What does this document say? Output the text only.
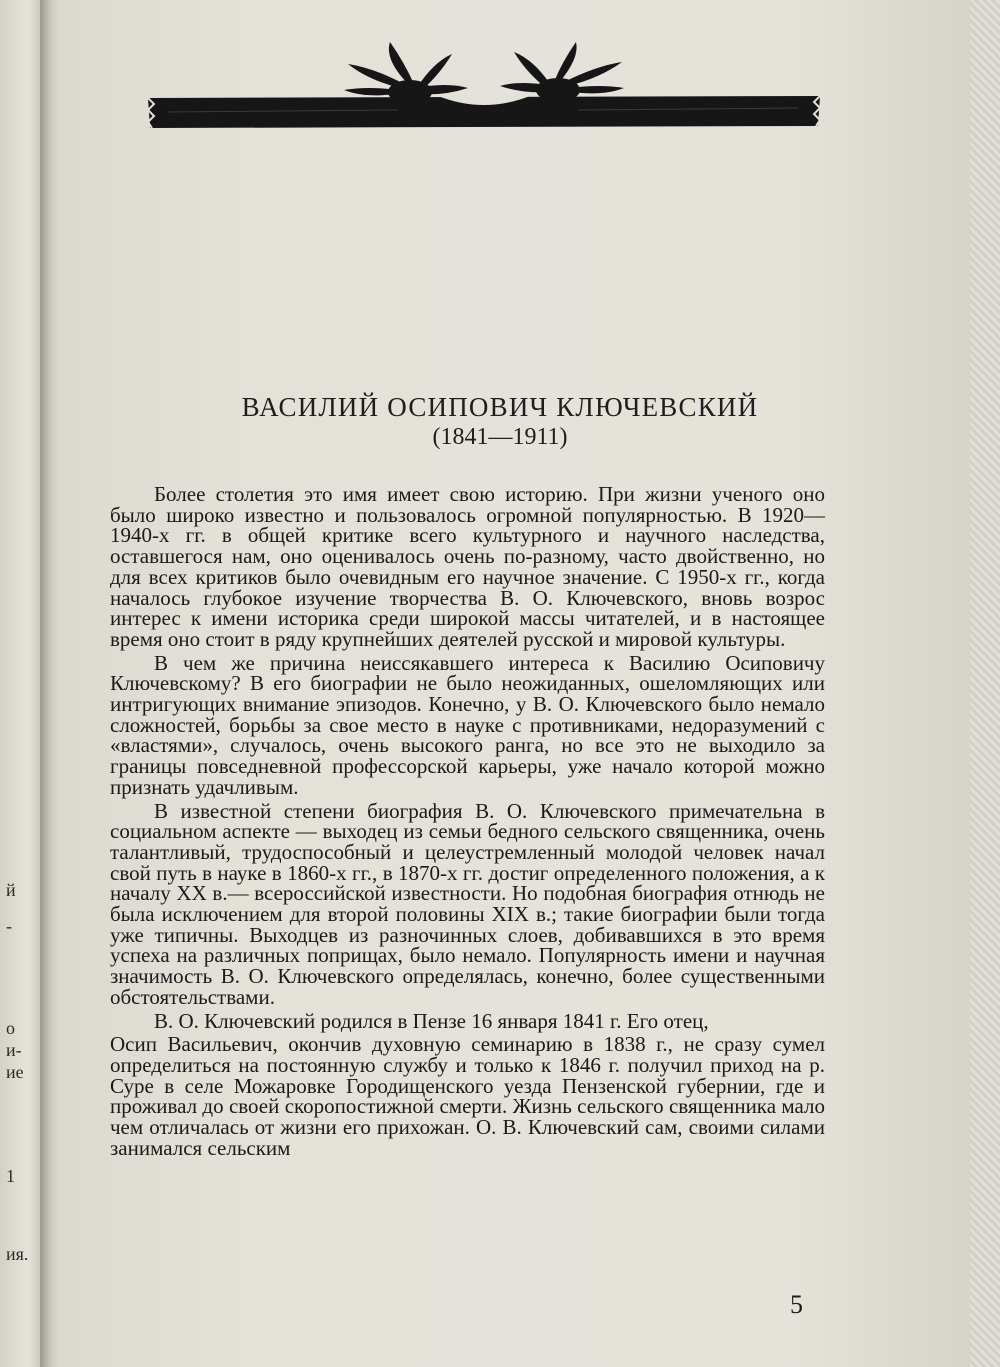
й
-
о
и-
ие
1
ия.
ВАСИЛИЙ ОСИПОВИЧ КЛЮЧЕВСКИЙ
(1841—1911)

Более столетия это имя имеет свою историю. При жизни ученого оно было широко известно и пользовалось огромной популярностью. В 1920—1940-х гг. в общей критике всего культурного и научного наследства, оставшегося нам, оно оценивалось очень по-разному, часто двойственно, но для всех критиков было очевидным его научное значение. С 1950-х гг., когда началось глубокое изучение творчества В. О. Ключевского, вновь возрос интерес к имени историка среди широкой массы читателей, и в настоящее время оно стоит в ряду крупнейших деятелей русской и мировой культуры.

В чем же причина неиссякавшего интереса к Василию Осиповичу Ключевскому? В его биографии не было неожиданных, ошеломляющих или интригующих внимание эпизодов. Конечно, у В. О. Ключевского было немало сложностей, борьбы за свое место в науке с противниками, недоразумений с «властями», случалось, очень высокого ранга, но все это не выходило за границы повседневной профессорской карьеры, уже начало которой можно признать удачливым.

В известной степени биография В. О. Ключевского примечательна в социальном аспекте — выходец из семьи бедного сельского священника, очень талантливый, трудоспособный и целеустремленный молодой человек начал свой путь в науке в 1860-х гг., в 1870-х гг. достиг определенного положения, а к началу XX в.— всероссийской известности. Но подобная биография отнюдь не была исключением для второй половины XIX в.; такие биографии были тогда уже типичны. Выходцев из разночинных слоев, добивавшихся в это время успеха на различных поприщах, было немало. Популярность имени и научная значимость В. О. Ключевского определялась, конечно, более существенными обстоятельствами.

В. О. Ключевский родился в Пензе 16 января 1841 г. Его отец,

Осип Васильевич, окончив духовную семинарию в 1838 г., не сразу сумел определиться на постоянную службу и только к 1846 г. получил приход на р. Суре в селе Можаровке Городищенского уезда Пензенской губернии, где и проживал до своей скоропостижной смерти. Жизнь сельского священника мало чем отличалась от жизни его прихожан. О. В. Ключевский сам, своими силами занимался сельским

5
